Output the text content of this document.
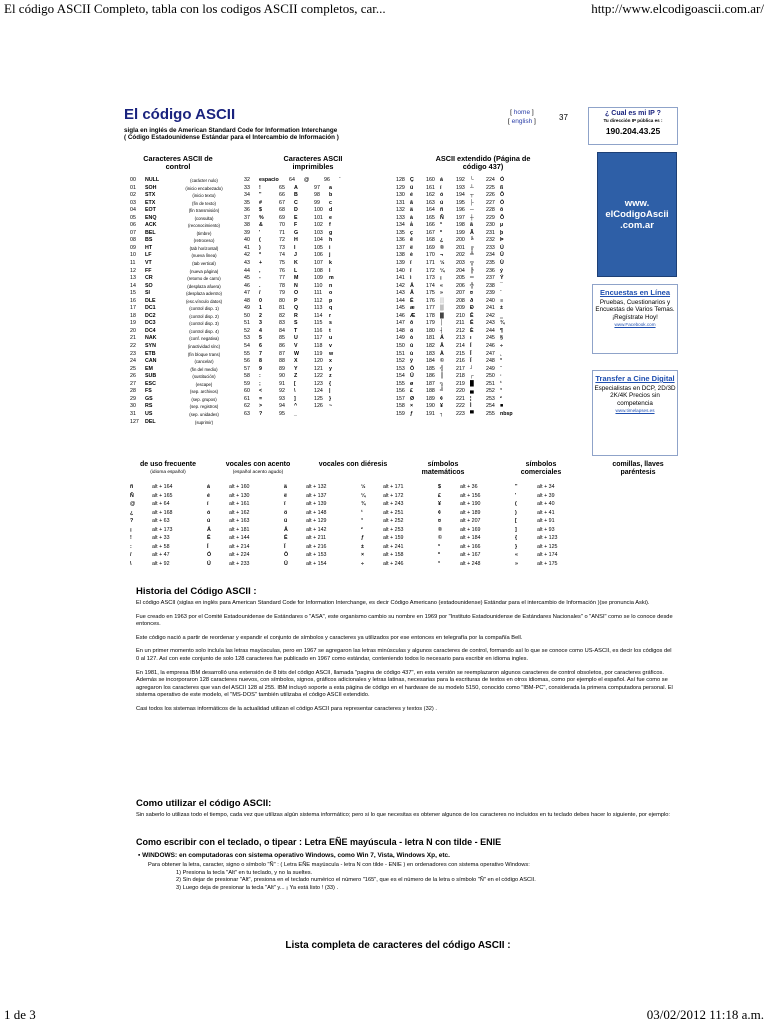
El código ASCII Completo, tabla con los codigos ASCII completos, car...	http://www.elcodigoascii.com.ar/
1 de 3	03/02/2012 11:18 a.m.
El código ASCII
sigla en inglés de American Standard Code for Information Interchange
( Código Estadounidense Estándar para el Intercambio de Información )
[ home ]
[ english ]	37	¿ Cual es mi IP ?
Tu dirección IP pública es :
190.204.43.25
www.
elCodigoAscii
.com.ar
Encuestas en Línea
Pruebas, Cuestionarios y Encuestas de Varios Temas. ¡Regístrate Hoy!
www.Facebook.com
Transfer a Cine Digital
Especialistas en DCP, 2D/3D 2K/4K Precios sin competencia
www.timelapses.es
Caracteres ASCII de control
Caracteres ASCII imprimibles
ASCII extendido (Página de código 437)
00	NULL	(carácter nulo)
01	SOH	(inicio encabezado)
02	STX	(inicio texto)
03	ETX	(fin de texto)
04	EOT	(fin transmisión)
05	ENQ	(consulta)
06	ACK	(reconocimiento)
07	BEL	(timbre)
08	BS	(retroceso)
09	HT	(tab horizontal)
10	LF	(nueva línea)
11	VT	(tab vertical)
12	FF	(nueva página)
13	CR	(retorno de carro)
14	SO	(desplaza afuera)
15	SI	(desplaza adentro)
16	DLE	(esc.vínculo datos)
17	DC1	(control disp. 1)
18	DC2	(control disp. 2)
19	DC3	(control disp. 3)
20	DC4	(control disp. 4)
21	NAK	(conf. negativa)
22	SYN	(inactividad sínc)
23	ETB	(fin bloque trans)
24	CAN	(cancelar)
25	EM	(fin del medio)
26	SUB	(sustitución)
27	ESC	(escape)
28	FS	(sep. archivos)
29	GS	(sep. grupos)
30	RS	(sep. registros)
31	US	(sep. unidades)
127	DEL	(suprimir)
32	espacio	64	@	96	`
33	!	65	A	97	a
34	"	66	B	98	b
35	#	67	C	99	c
36	$	68	D	100	d
37	%	69	E	101	e
38	&	70	F	102	f
39	'	71	G	103	g
40	(	72	H	104	h
41	)	73	I	105	i
42	*	74	J	106	j
43	+	75	K	107	k
44	,	76	L	108	l
45	-	77	M	109	m
46	.	78	N	110	n
47	/	79	O	111	o
48	0	80	P	112	p
49	1	81	Q	113	q
50	2	82	R	114	r
51	3	83	S	115	s
52	4	84	T	116	t
53	5	85	U	117	u
54	6	86	V	118	v
55	7	87	W	119	w
56	8	88	X	120	x
57	9	89	Y	121	y
58	:	90	Z	122	z
59	;	91	[	123	{
60	<	92	\	124	|
61	=	93	]	125	}
62	>	94	^	126	~
63	?	95	_
128 Ç	160 á	192 └	224 Ó
129 ü	161 í	193 ┴	225 ß
130 é	162 ó	194 ┬	226 Ô
131 â	163 ú	195 ├	227 Ò
132 ä	164 ñ	196 ─	228 õ
133 à	165 Ñ	197 ┼	229 Õ
134 å	166 ª	198 ã	230 µ
135 ç	167 º	199 Ã	231 þ
136 ê	168 ¿	200 ╚	232 Þ
137 ë	169 ®	201 ╔	233 Ú
138 è	170 ¬	202 ╩	234 Û
139 ï	171 ½	203 ╦	235 Ù
140 î	172 ¼	204 ╠	236 ý
141 ì	173 ¡	205 ═	237 Ý
142 Ä	174 «	206 ╬	238 ¯
143 Å	175 »	207 ¤	239 ´
144 É	176 ░	208 ð	240 ≡
145 æ	177 ▒	209 Ð	241 ±
146 Æ	178 ▓	210 Ê	242 ‗
147 ô	179 │	211	Ë	243 ¾
148 ö	180 ┤	212 È	244 ¶
149 ò	181 Á	213 ı	245 §
150 û	182 Â	214 Í	246 ÷
151 ù	183 À	215 Î	247 ¸
152 ÿ	184 ©	216 Ï	248 °
153 Ö	185 ╣	217 ┘	249 ¨
154 Ü	186 ║	218 ┌	250 ·
155 ø	187 ╗	219 █	251 ¹
156 £	188 ╝	220 ▄	252 ³
157 Ø	189 ¢	221 ¦	253 ²
158 ×	190 ¥	222 Ì	254 ■
159 ƒ	191 ┐	223 ▀	255 nbsp
de uso frecuente
(idioma español)
vocales con acento
(español acento agudo)
vocales con diéresis	símbolos matemáticos
símbolos comerciales
comillas, llaves paréntesis
ñ	alt + 164	á	alt + 160	ä	alt + 132	½	alt + 171	$	alt + 36	"	alt + 34
Ñ	alt + 165	é	alt + 130	ë	alt + 137	¼	alt + 172	£	alt + 156	'	alt + 39
@	alt + 64	í	alt + 161	ï	alt + 139	¾	alt + 243	¥	alt + 190	(	alt + 40
¿	alt + 168	ó	alt + 162	ö	alt + 148	¹	alt + 251	¢	alt + 189	)	alt + 41
?	alt + 63	ú	alt + 163	ü	alt + 129	³	alt + 252	¤	alt + 207	[	alt + 91
¡	alt + 173	Á	alt + 181	Ä	alt + 142	²	alt + 253	®	alt + 169	]	alt + 93
!	alt + 33	É	alt + 144	Ë	alt + 211	ƒ	alt + 159	©	alt + 184	{	alt + 123
:	alt + 58	Í	alt + 214	Ï	alt + 216	±	alt + 241	ª	alt + 166	}	alt + 125
/	alt + 47	Ó	alt + 224	Ö	alt + 153	×	alt + 158	º	alt + 167	«	alt + 174
\	alt + 92	Ú	alt + 233	Ü	alt + 154	÷	alt + 246	°	alt + 248	»	alt + 175
Historia del Código ASCII :

El código ASCII (siglas en inglés para American Standard Code for Information Interchange, es decir Código Americano (estadounidense) Estándar para el intercambio de Información )(se pronuncia Aski).

Fue creado en 1963 por el Comité Estadounidense de Estándares o "ASA", este organismo cambio su nombre en 1969 por "Instituto Estadounidense de Estándares Nacionales" o "ANSI" como se lo conoce desde entonces.

Este código nació a partir de reordenar y expandir el conjunto de símbolos y caracteres ya utilizados por ese entonces en telegrafía por la compañía Bell.

En un primer momento solo incluía las letras mayúsculas, pero en 1967 se agregaron las letras minúsculas y algunos caracteres de control, formando así lo que se conoce como US-ASCII, es decir los códigos del 0 al 127. Así con este conjunto de solo 128 caracteres fue publicado en 1967 como estándar, conteniendo todos lo necesario para escribir en idioma ingles.

En 1981, la empresa IBM desarrolló una extensión de 8 bits del código ASCII, llamada "pagina de código 437", en esta versión se reemplazaron algunos caracteres de control obsoletos, por caracteres gráficos. Además se incorporaron 128 caracteres nuevos, con símbolos, signos, gráficos adicionales y letras latinas, necesarias para la escrituras de textos en otros idiomas, como por ejemplo el español. Así fue como se agregaron los caracteres que van del ASCII 128 al 255. IBM incluyó soporte a esta página de código en el hardware de su modelo 5150, conocido como "IBM-PC", considerada la primera computadora personal. El sistema operativo de este modelo, el "MS-DOS" también utilizaba el código ASCII extendido.

Casi todos los sistemas informáticos de la actualidad utilizan el código ASCII para representar caracteres y textos (32) .

Como utilizar el código ASCII:
Sin saberlo lo utilizas todo el tiempo, cada vez que utilizas algún sistema informático; pero si lo que necesitas es obtener algunos de los caracteres no incluidos en tu teclado debes hacer lo siguiente, por ejemplo:
Como escribir con el teclado, o tipear : Letra EÑE mayúscula - letra N con tilde - ENIE
▪ WINDOWS: en computadoras con sistema operativo Windows, como Win 7, Vista, Windows Xp, etc.
Para obtener la letra, caracter, signo o símbolo "Ñ" : ( Letra EÑE mayúscula - letra N con tilde - ENIE ) en ordenadores con sistema operativo Windows:
1) Presiona la tecla "Alt" en tu teclado, y no la sueltes.
2) Sin dejar de presionar "Alt", presiona en el teclado numérico el número "165", que es el número de la letra o símbolo "Ñ" en el código ASCII.
3) Luego deja de presionar la tecla "Alt" y... ¡ Ya está listo ! (33) .
Lista completa de caracteres del código ASCII :
